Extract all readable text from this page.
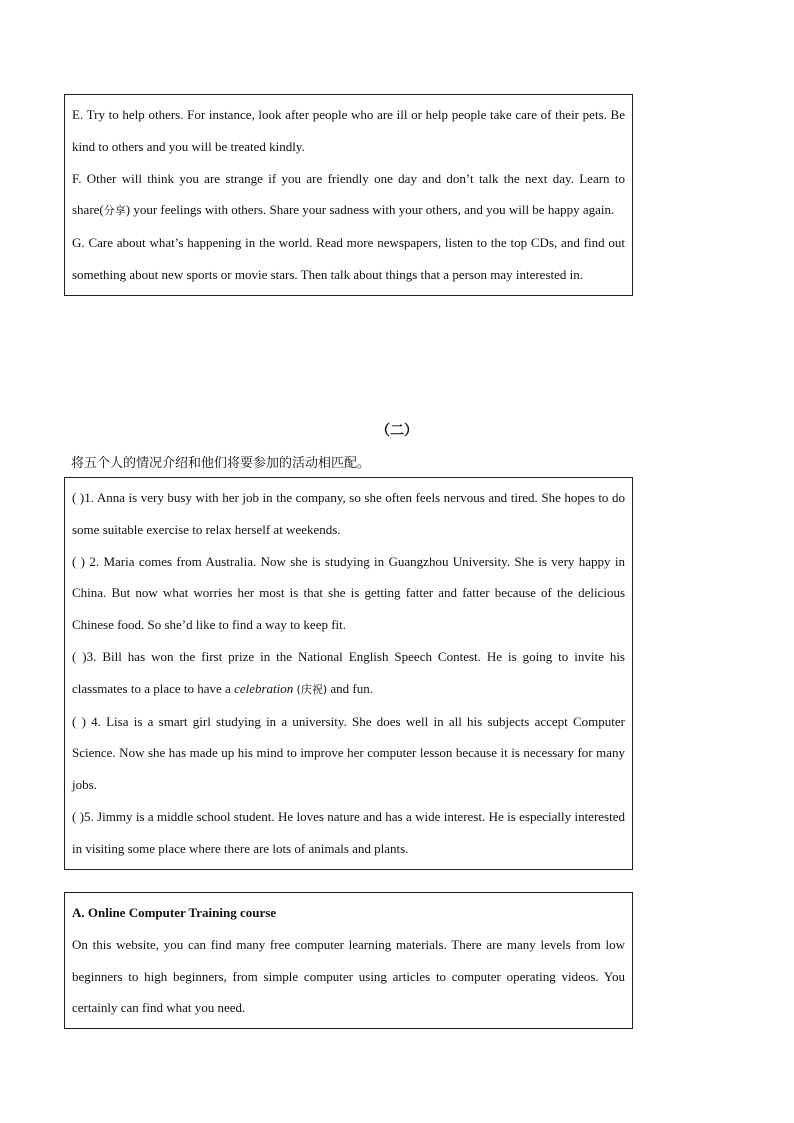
E. Try to help others. For instance, look after people who are ill or help people take care of their pets. Be kind to others and you will be treated kindly.

F. Other will think you are strange if you are friendly one day and don’t talk the next day. Learn to share(分享) your feelings with others. Share your sadness with your others, and you will be happy again.

G. Care about what’s happening in the world. Read more newspapers, listen to the top CDs, and find out something about new sports or movie stars. Then talk about things that a person may interested in.

（二）
将五个人的情况介绍和他们将要参加的活动相匹配。

( )1. Anna is very busy with her job in the company, so she often feels nervous and tired. She hopes to do some suitable exercise to relax herself at weekends.

( ) 2. Maria comes from Australia. Now she is studying in Guangzhou University. She is very happy in China. But now what worries her most is that she is getting fatter and fatter because of the delicious Chinese food. So she’d like to find a way to keep fit.

( )3. Bill has won the first prize in the National English Speech Contest. He is going to invite his classmates to a place to have a celebration (庆祝) and fun.

( ) 4. Lisa is a smart girl studying in a university. She does well in all his subjects accept Computer Science. Now she has made up his mind to improve her computer lesson because it is necessary for many jobs.

( )5. Jimmy is a middle school student. He loves nature and has a wide interest. He is especially interested in visiting some place where there are lots of animals and plants.

A. Online Computer Training course

On this website, you can find many free computer learning materials. There are many levels from low beginners to high beginners, from simple computer using articles to computer operating videos. You certainly can find what you need.
